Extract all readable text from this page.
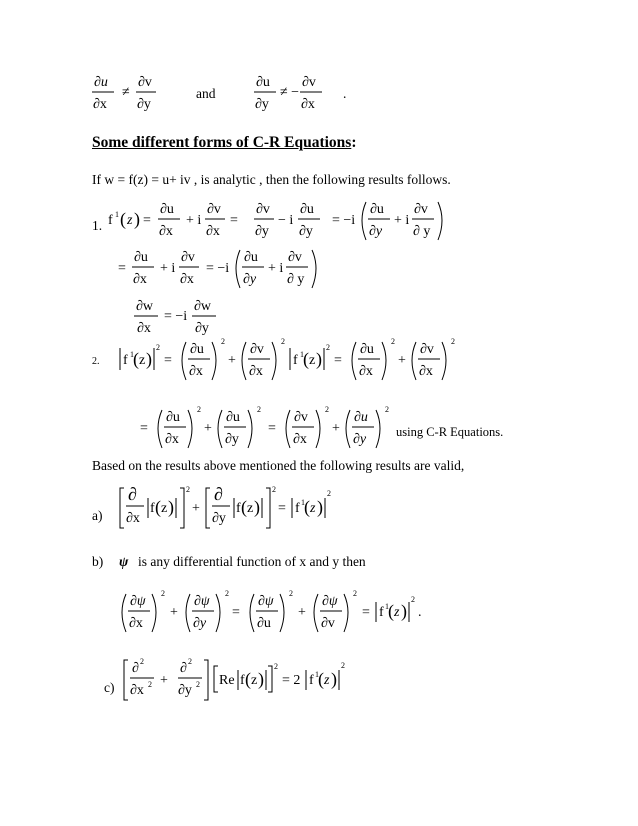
∂u
∂x
≠
∂v
∂y
and
∂u
∂y
≠ −
∂v
∂x
.
Some different forms of C-R Equations:
If w = f(z) = u+ iv , is analytic , then the following results follows.
1. f 1 ( z ) =
∂u
∂x
+ i
∂v
∂x
=
∂v
∂y
− i
∂u
∂y
= −i
∂u
∂y
+ i
∂v
∂ y
=
∂u
∂x
+ i
∂v
∂x
= −i
∂u
∂y
+ i
∂v
∂ y
∂w
∂x
= −i
∂w
∂y
2. f 1 ( z )
2
=
∂u
∂x
2
+
∂v
∂x
2
f 1 ( z )
2
=
∂u
∂x
2
+
∂v
∂x
2
=
∂u
∂x
2
+
∂u
∂y
2
=
∂v
∂x
2
+
∂u
∂y
2
using C-R Equations.
Based on the results above mentioned the following results are valid,
a)
∂
∂x
f ( z )
2
+
∂
∂y
f ( z )
2
= f 1 ( z )
2
b) ψ is any differential function of x and y then
∂ψ
∂x
2
+
∂ψ
∂y
2
=
∂ψ
∂u
2
+
∂ψ
∂v
2
= f 1 ( z )
2
.
c)
∂ 2
∂x 2 +
∂ 2
∂y 2 Re f ( z )
2
= 2 f 1 ( z )
2
